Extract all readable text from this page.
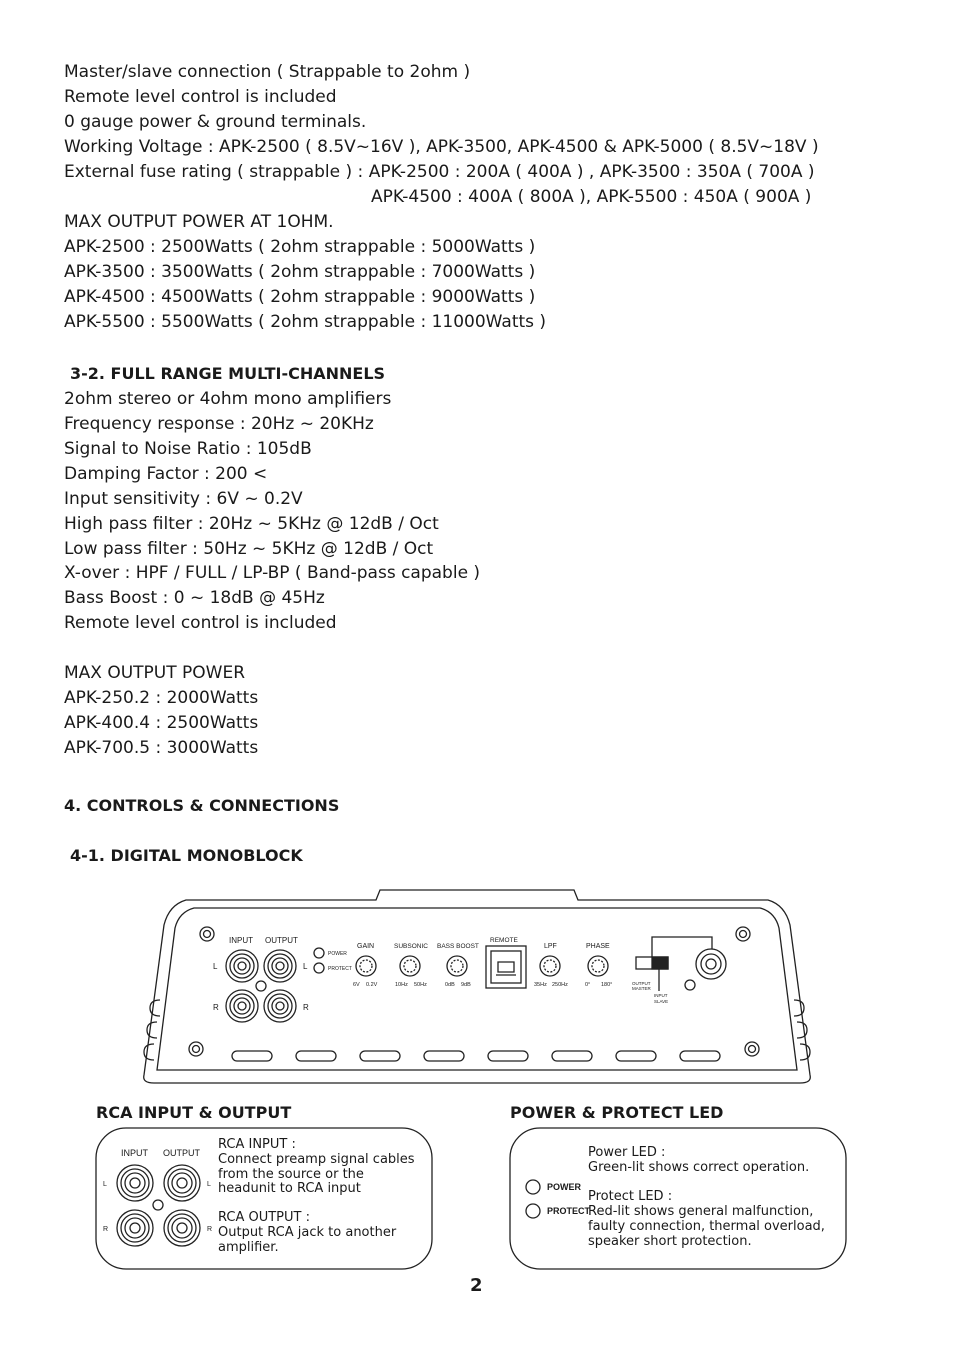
Master/slave connection ( Strappable to 2ohm )
Remote level control is included
0 gauge power & ground terminals.
Working Voltage : APK-2500 ( 8.5V~16V ), APK-3500, APK-4500 & APK-5000 ( 8.5V~18V )
External fuse rating ( strappable ) : APK-2500 : 200A ( 400A ) , APK-3500 : 350A ( 700A )
APK-4500 : 400A ( 800A ), APK-5500 : 450A ( 900A )
MAX OUTPUT POWER AT 1OHM.
APK-2500 : 2500Watts ( 2ohm strappable : 5000Watts )
APK-3500 : 3500Watts ( 2ohm strappable : 7000Watts )
APK-4500 : 4500Watts ( 2ohm strappable : 9000Watts )
APK-5500 : 5500Watts ( 2ohm strappable : 11000Watts )
3-2. FULL RANGE MULTI-CHANNELS
2ohm stereo or 4ohm mono amplifiers
Frequency response : 20Hz ~ 20KHz
Signal to Noise Ratio : 105dB
Damping Factor : 200 <
Input sensitivity : 6V ~ 0.2V
High pass filter : 20Hz ~ 5KHz @ 12dB / Oct
Low pass filter : 50Hz ~ 5KHz @ 12dB / Oct
X-over : HPF / FULL / LP-BP ( Band-pass capable )
Bass Boost : 0 ~ 18dB @ 45Hz
Remote level control is included
MAX OUTPUT POWER
APK-250.2 : 2000Watts
APK-400.4 : 2500Watts
APK-700.5 : 3000Watts
4. CONTROLS & CONNECTIONS
4-1. DIGITAL MONOBLOCK
INPUT OUTPUT
L	L
R	R
POWER
PROTECT
GAIN
6V 0.2V
SUBSONIC
10Hz 50Hz
BASS BOOST
0dB 9dB
REMOTE
LPF
35Hz 250Hz
PHASE
0° 180°	OUTPUT
MASTER
INPUT
SLAVE
INPUT OUTPUT
L	L
R	R
POWER
PROTECT
RCA INPUT & OUTPUT	POWER & PROTECT LED
RCA INPUT :
Connect preamp signal cables
from the source or the
headunit to RCA input
RCA OUTPUT :
Output RCA jack to another
amplifier.
Power LED :
Green-lit shows correct operation.
Protect LED :
Red-lit shows general malfunction,
faulty connection, thermal overload,
speaker short protection.
2
